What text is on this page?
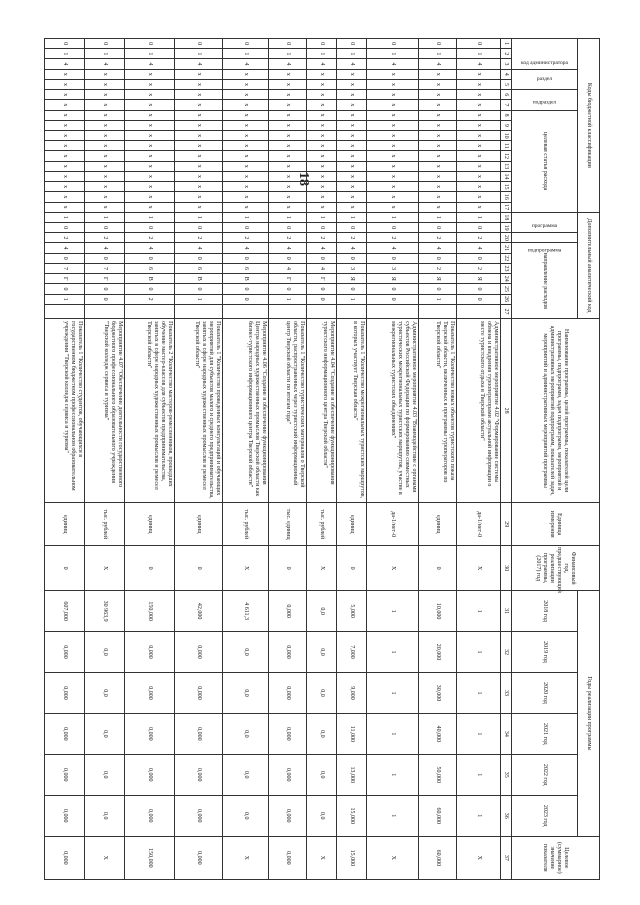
18
Коды бюджетной классификации																	Дополнительный аналитический код										Наименование программы, целей программы, показателей цели программы, подпрограмм, задач подпрограмм, мероприятий и административных мероприятий подпрограмм, показателей задач, мероприятий и административных мероприятий программы	Единица измерения	Финансовый год, предшествующий реализации программы, (2017) год	Годы реализации программы						Целевое (суммарное) значение показателя
код администратора			раздел		подраздел		целевая статья расхода										программа		подпрограмма	направление расходов										2018 год	2019 год	2020 год	2021 год	2022 год	2023 год	
1	2	3	4	5	6	7	8	9	10	11	12	13	14	15	16	17	18	19	20	21	22	23	24	25	26	27	28	29	30	31	32	33	34	35	36	37
0	1	4	х	х	х	х	х	х	х	х	х	х	х	х	х	х	1	0	2	4	0	2	Я	0	0		Административное мероприятие 4.02 "Формирование системы обмена и внедрения турооператорами актуальной информации о месте туристского отдыха в Тверской области"	да-1/нет-0	Х	1	1	1	1	1	1	Х
0	1	4	х	х	х	х	х	х	х	х	х	х	х	х	х	х	1	0	2	4	0	2	Я	0	1		Показатель 1 "Количество новых объектов туристского показа Тверской области, включенных в программы туроператоров по Тверской области"	единиц	0	10,000	20,000	30,000	40,000	50,000	60,000	60,000
0	1	4	х	х	х	х	х	х	х	х	х	х	х	х	х	х	1	0	2	4	0	3	Я	0	0		Административное мероприятие 4.03 "Взаимодействие с органами субъектов Российской Федерации по формированию совместных туристических межрегиональных туристских маршрутов, участие в межрегиональных туристских объединениях"	да-1/нет-0	Х	1	1	1	1	1	1	Х
0	1	4	х	х	х	х	х	х	х	х	х	х	х	х	х	х	1	0	2	4	0	3	Я	0	1		Показатель 1 "Количество межрегиональных туристских маршрутов, в которых участвует Тверская область"	единиц	0	5,000	7,000	9,000	11,000	13,000	15,000	15,000
0	1	4	х	х	х	х	х	х	х	х	х	х	х	х	х	х	1	0	2	4	0	4	Г	0	0		Мероприятие 4.04 "Создание и обеспечение функционирования туристского информационного центра Тверской области"	тыс. рублей	Х	0,0	0,0	0,0	0,0	0,0	0,0	Х
0	1	4	х	х	х	х	х	х	х	х	х	х	х	х	х	х	1	0	2	4	0	4	Г	0	1		Показатель 1 "Количество туристических материалов о Тверской области, распространенных через туристский информационный центр Тверской области по итогам года"	тыс. единиц	0	0,000	0,000	0,000	0,000	0,000	0,000	0,000
0	1	4	х	х	х	х	х	х	х	х	х	х	х	х	х	х	1	0	2	4	0	6	В	0	0		Мероприятие 4.06 "Создание и обеспечение функционирования Центра народных художественных промыслов Тверской области как бизнес-туристского информационного центра Тверской области"	тыс. рублей	Х	4 611,3	0,0	0,0	0,0	0,0	0,0	Х
0	1	4	х	х	х	х	х	х	х	х	х	х	х	х	х	х	1	0	2	4	0	6	В	0	1		Показатель 1 "Количество проведенных консультаций и обучающих мероприятий для субъектов малого и среднего предпринимательства, занятых в сфере народных художественных промыслов и ремесел Тверской области"	единиц	0	42,000	0,000	0,000	0,000	0,000	0,000	0,000
0	1	4	х	х	х	х	х	х	х	х	х	х	х	х	х	х	1	0	2	4	0	6	В	0	2		Показатель 2 "Количество мастеров-ремесленников, прошедших обучение мастер-классов для субъектов предпринимательства, занятых в сфере народных художественных промыслов и ремесел Тверской области"	единиц	0	150,000	0,000	0,000	0,000	0,000	0,000	150,000
0	1	4	х	х	х	х	х	х	х	х	х	х	х	х	х	х	1	0	2	4	0	7	Г	0	0		Мероприятие 4.07 "Обеспечение деятельности государственного бюджетного профессионального образовательного учреждения "Тверской колледж сервиса и туризма"	тыс. рублей	Х	30 963,9	0,0	0,0	0,0	0,0	0,0	Х
0	1	4	х	х	х	х	х	х	х	х	х	х	х	х	х	х	1	0	2	4	0	7	Г	0	1		Показатель 1 "Количество студентов, обучающихся в государственном бюджетном профессиональном образовательном учреждении "Тверской колледж сервиса и туризма"	единиц	0	607,000	0,000	0,000	0,000	0,000	0,000	0,000
